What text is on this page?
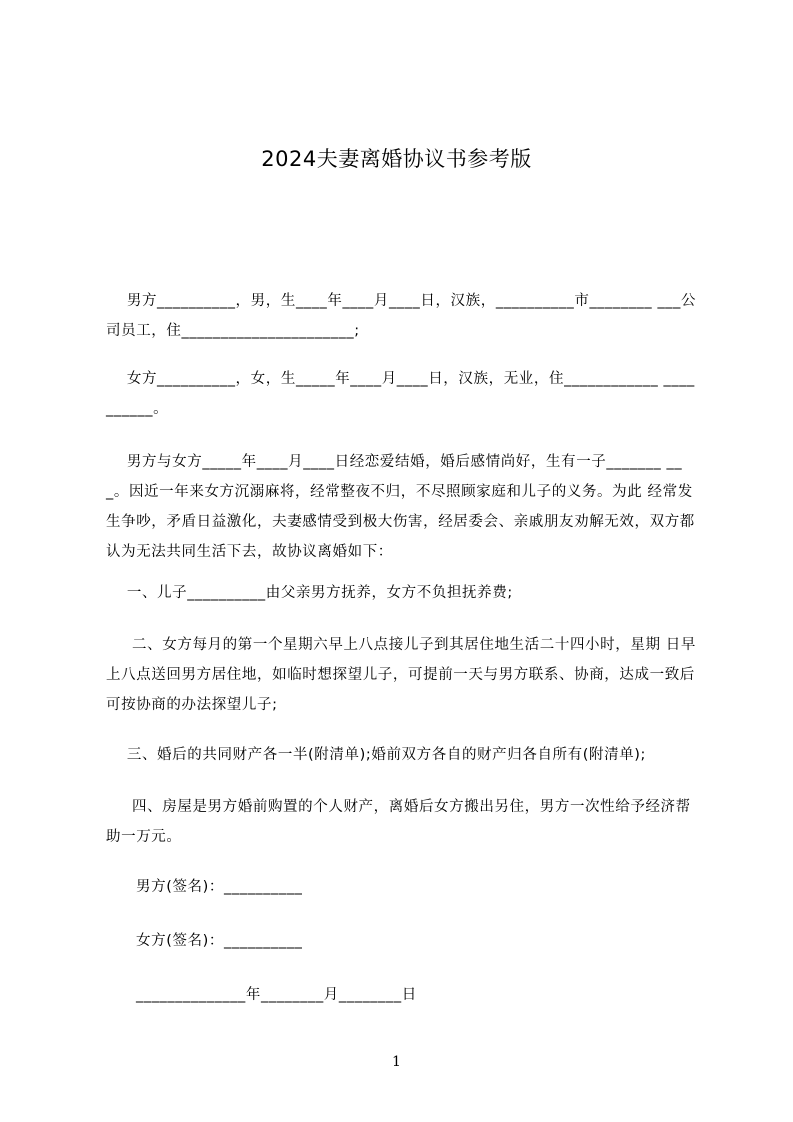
2024夫妻离婚协议书参考版
男方__________，男，生____年____月____日，汉族，__________市________ ___公司员工，住______________________;
女方__________，女，生_____年____月____日，汉族，无业，住____________ __________。
男方与女方_____年____月____日经恋爱结婚，婚后感情尚好，生有一子_______ ___。因近一年来女方沉溺麻将，经常整夜不归，不尽照顾家庭和儿子的义务。为此 经常发生争吵，矛盾日益激化，夫妻感情受到极大伤害，经居委会、亲戚朋友劝解无效，双方都认为无法共同生活下去，故协议离婚如下：
一、儿子__________由父亲男方抚养，女方不负担抚养费;
二、女方每月的第一个星期六早上八点接儿子到其居住地生活二十四小时，星期 日早上八点送回男方居住地，如临时想探望儿子，可提前一天与男方联系、协商，达成一致后可按协商的办法探望儿子;
三、婚后的共同财产各一半(附清单);婚前双方各自的财产归各自所有(附清单);
四、房屋是男方婚前购置的个人财产，离婚后女方搬出另住，男方一次性给予经济帮助一万元。
男方(签名)：__________
女方(签名)：__________
______________年________月________日
1
